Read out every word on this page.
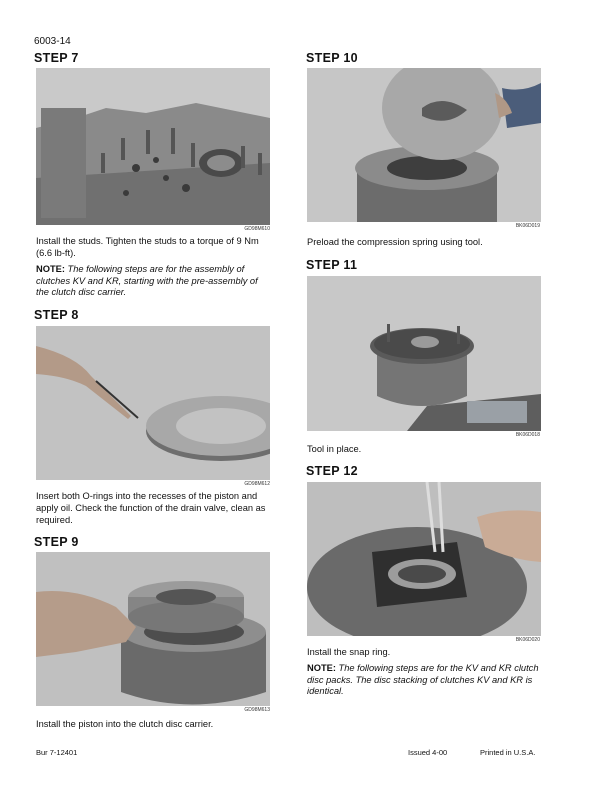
6003-14
STEP 7
GD98M610
Install the studs. Tighten the studs to a torque of 9 Nm (6.6 lb-ft).
NOTE: The following steps are for the assembly of clutches KV and KR, starting with the pre-assembly of the clutch disc carrier.
STEP 8
GD98M612
Insert both O-rings into the recesses of the piston and apply oil. Check the function of the drain valve, clean as required.
STEP 9
GD98M613
Install the piston into the clutch disc carrier.
STEP 10
BK06D019
Preload the compression spring using tool.
STEP 11
BK06D018
Tool in place.
STEP 12
BK06D020
Install the snap ring.
NOTE: The following steps are for the KV and KR clutch disc packs. The disc stacking of clutches KV and KR is identical.
Bur 7-12401	Issued 4-00	Printed in U.S.A.
